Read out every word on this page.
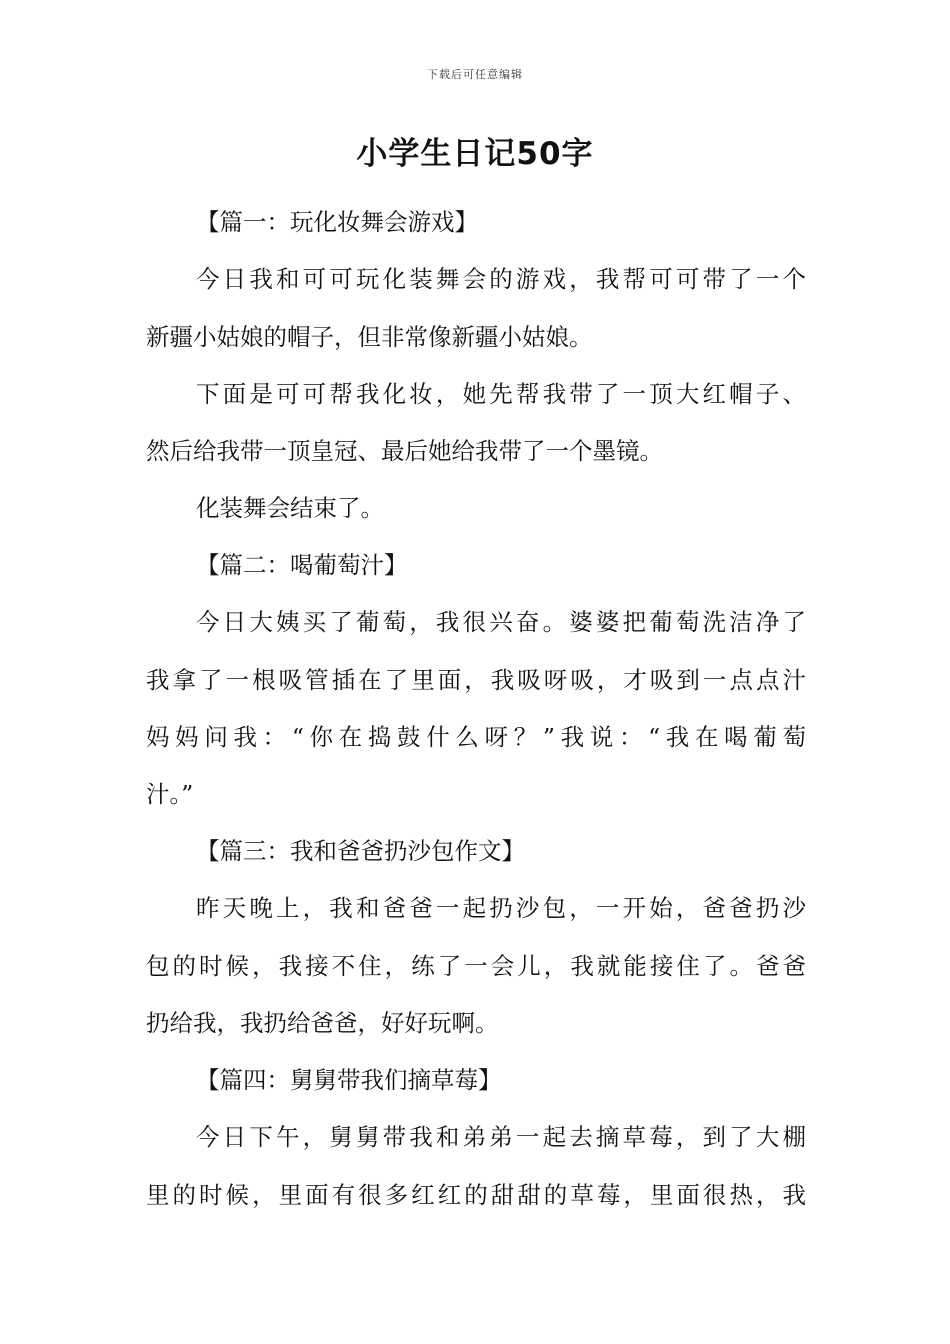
下载后可任意编辑
小学生日记50字
【篇一：玩化妆舞会游戏】
今日我和可可玩化装舞会的游戏，我帮可可带了一个
新疆小姑娘的帽子，但非常像新疆小姑娘。
下面是可可帮我化妆，她先帮我带了一顶大红帽子、
然后给我带一顶皇冠、最后她给我带了一个墨镜。
化装舞会结束了。
【篇二：喝葡萄汁】
今日大姨买了葡萄，我很兴奋。婆婆把葡萄洗洁净了
我拿了一根吸管插在了里面，我吸呀吸，才吸到一点点汁
妈妈问我：“你在捣鼓什么呀？”我说：“我在喝葡萄
汁。”
【篇三：我和爸爸扔沙包作文】
昨天晚上，我和爸爸一起扔沙包，一开始，爸爸扔沙
包的时候，我接不住，练了一会儿，我就能接住了。爸爸
扔给我，我扔给爸爸，好好玩啊。
【篇四：舅舅带我们摘草莓】
今日下午，舅舅带我和弟弟一起去摘草莓，到了大棚
里的时候，里面有很多红红的甜甜的草莓，里面很热，我
